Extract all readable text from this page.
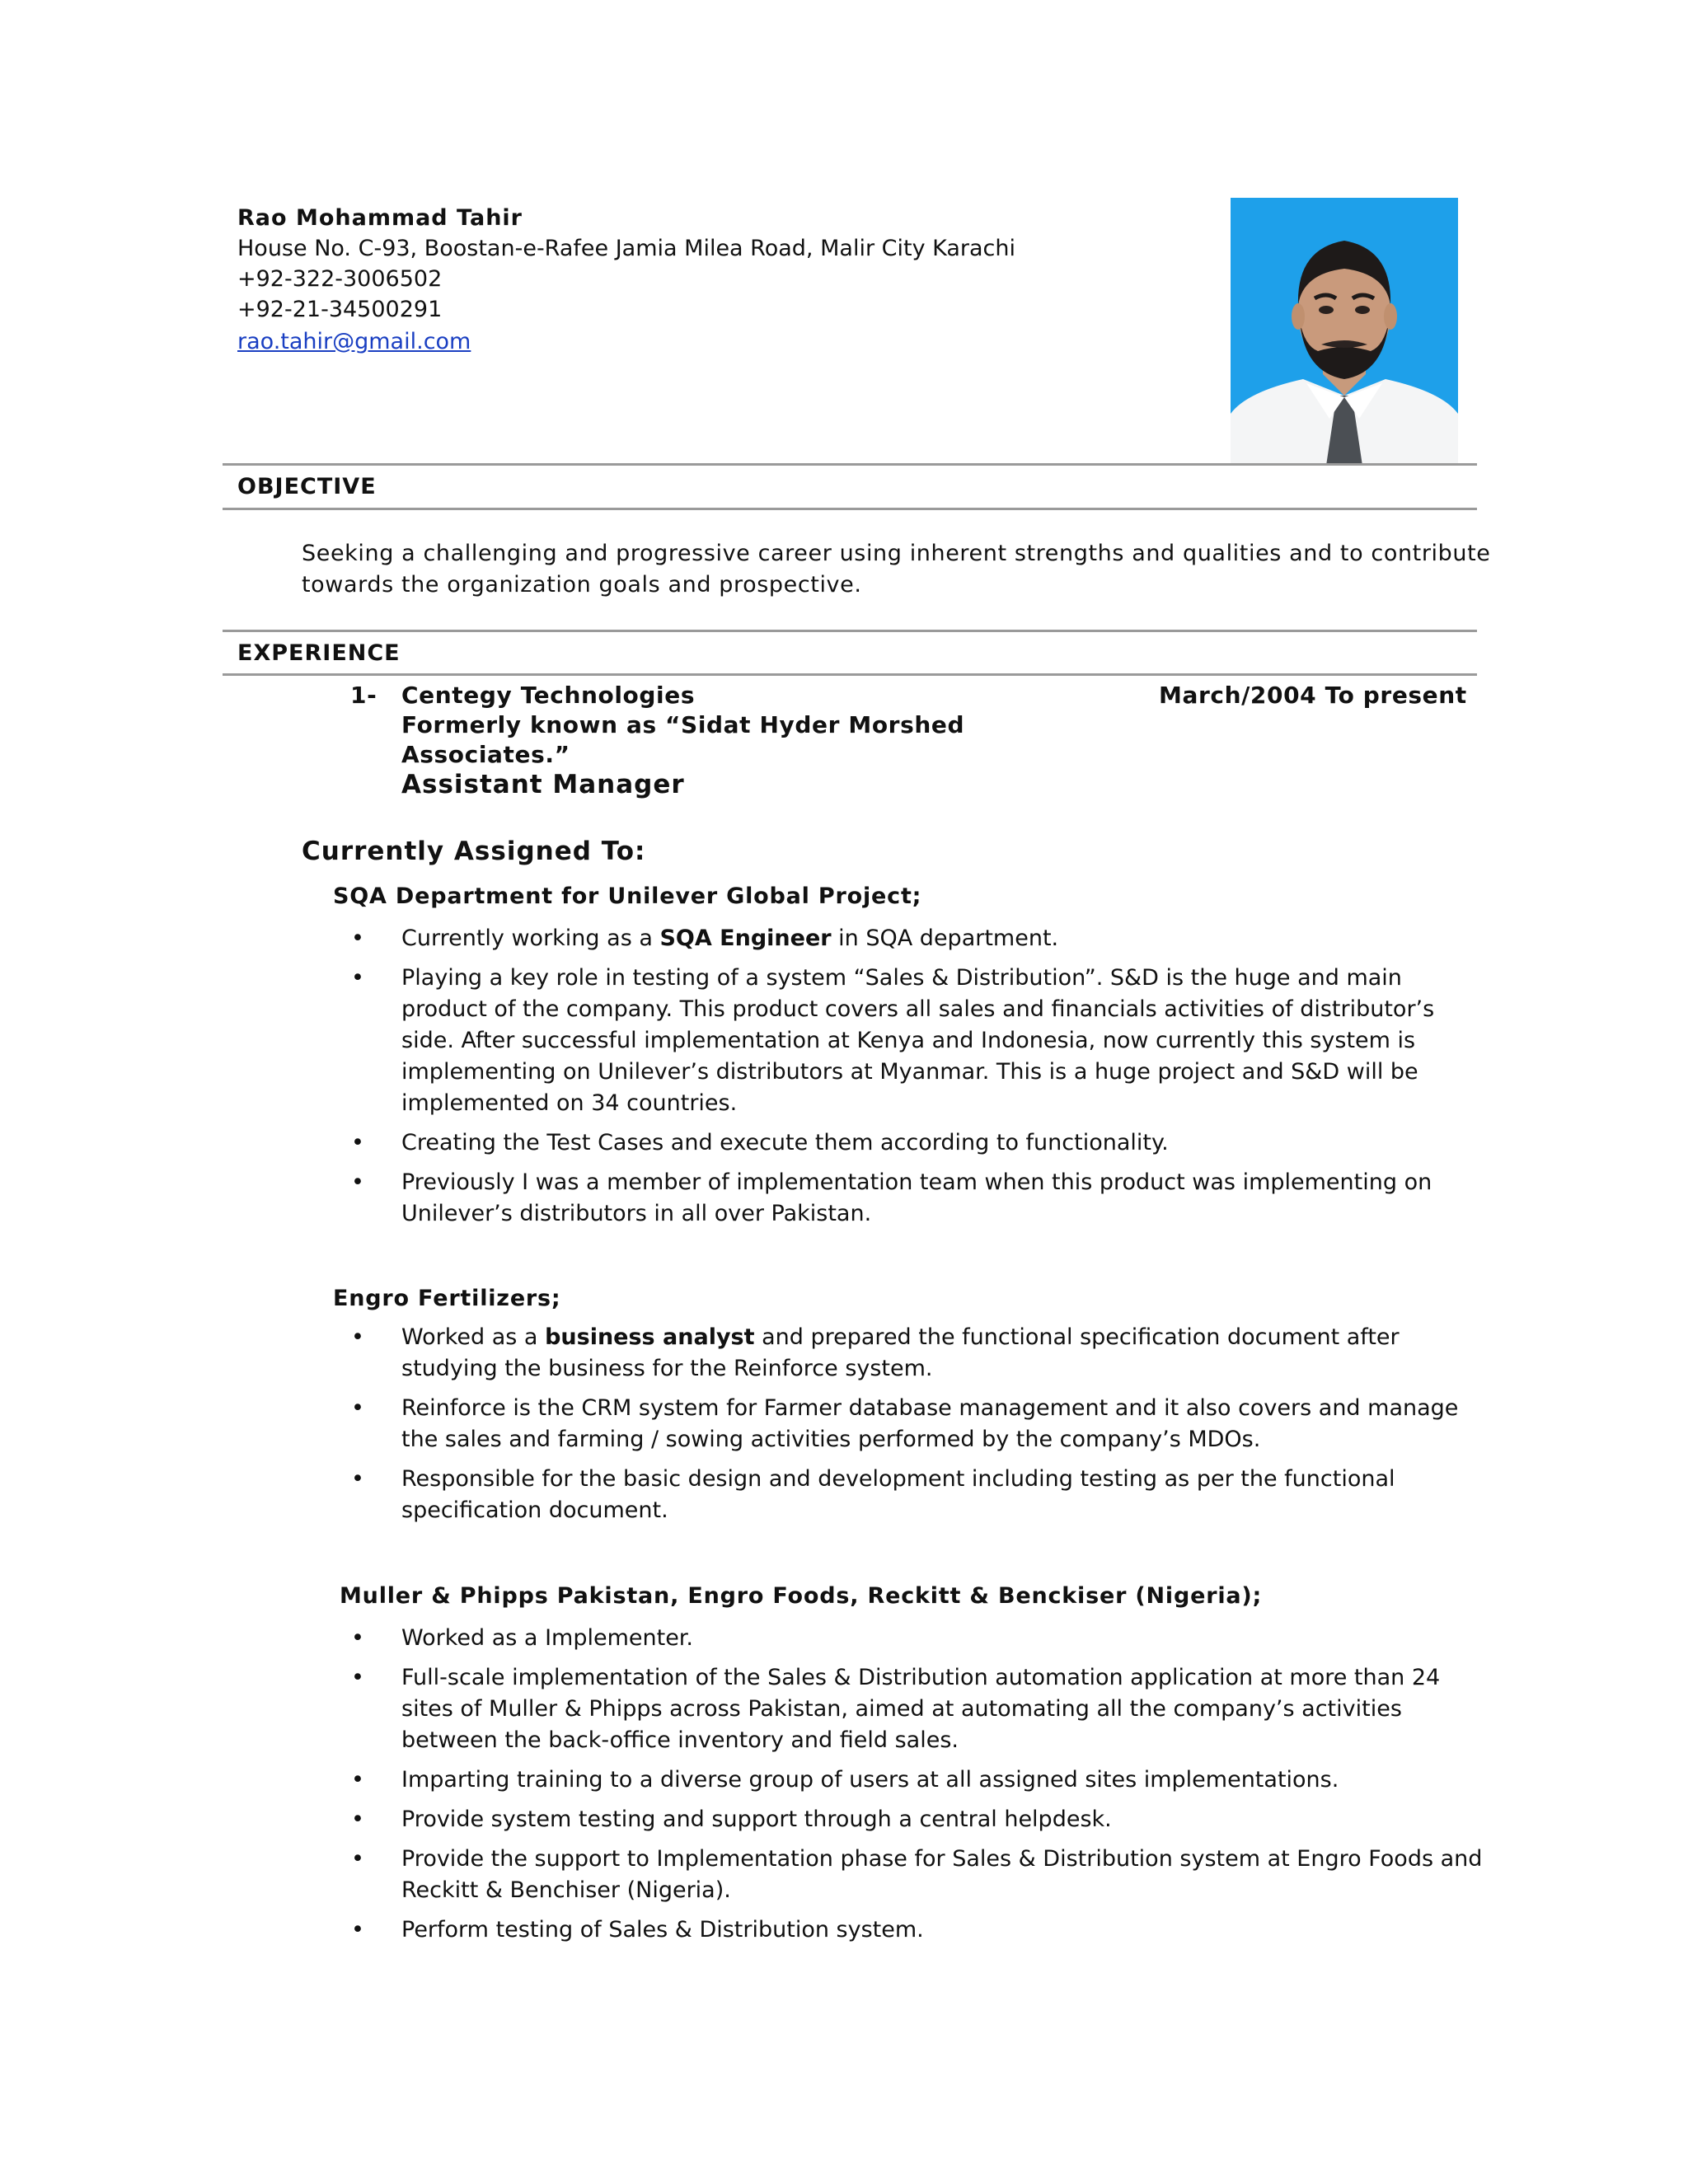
Rao Mohammad Tahir
House No. C-93, Boostan-e-Rafee Jamia Milea Road, Malir City Karachi
+92-322-3006502
+92-21-34500291
rao.tahir@gmail.com
OBJECTIVE
Seeking a challenging and progressive career using inherent strengths and qualities and to contribute
towards the organization goals and prospective.
EXPERIENCE
1- Centegy Technologies
Formerly known as “Sidat Hyder Morshed
Associates.”
Assistant Manager
March/2004 To present
Currently Assigned To:
SQA Department for Unilever Global Project;
• Currently working as a SQA Engineer in SQA department.
• Playing a key role in testing of a system “Sales & Distribution”. S&D is the huge and main product of the company. This product covers all sales and financials activities of distributor’s side. After successful implementation at Kenya and Indonesia, now currently this system is implementing on Unilever’s distributors at Myanmar. This is a huge project and S&D will be implemented on 34 countries.
• Creating the Test Cases and execute them according to functionality.
• Previously I was a member of implementation team when this product was implementing on Unilever’s distributors in all over Pakistan.
Engro Fertilizers;
• Worked as a business analyst and prepared the functional specification document after studying the business for the Reinforce system.
• Reinforce is the CRM system for Farmer database management and it also covers and manage the sales and farming / sowing activities performed by the company’s MDOs.
• Responsible for the basic design and development including testing as per the functional specification document.
Muller & Phipps Pakistan, Engro Foods, Reckitt & Benckiser (Nigeria);
• Worked as a Implementer.
• Full-scale implementation of the Sales & Distribution automation application at more than 24 sites of Muller & Phipps across Pakistan, aimed at automating all the company’s activities between the back-office inventory and field sales.
• Imparting training to a diverse group of users at all assigned sites implementations.
• Provide system testing and support through a central helpdesk.
• Provide the support to Implementation phase for Sales & Distribution system at Engro Foods and Reckitt & Benchiser (Nigeria).
• Perform testing of Sales & Distribution system.
